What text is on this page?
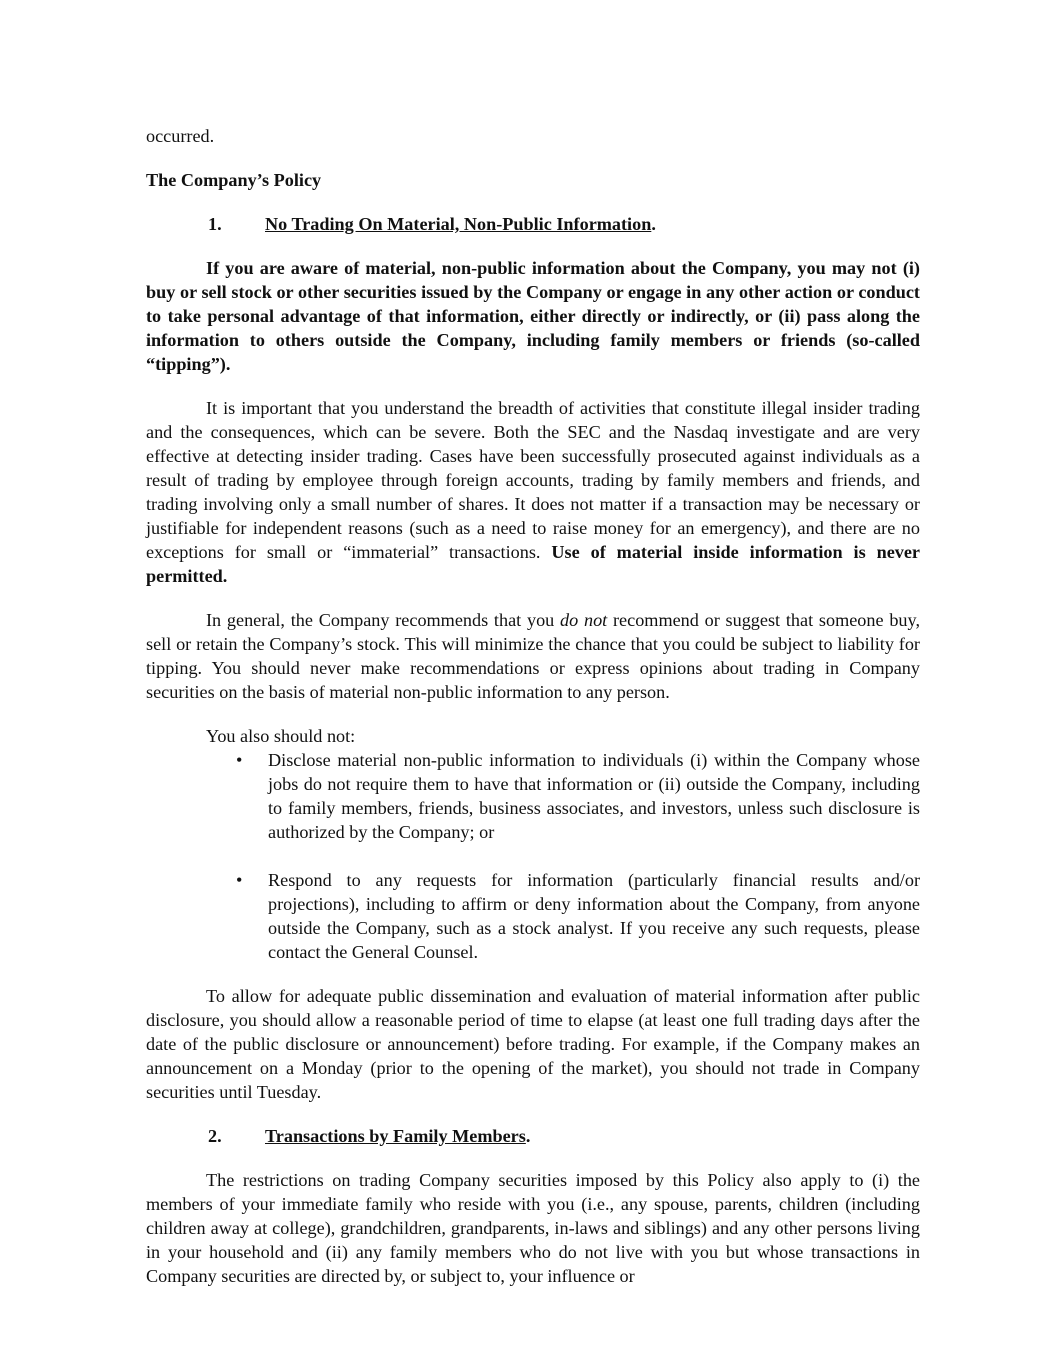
occurred.

The Company’s Policy

1.	No Trading On Material, Non-Public Information.

If you are aware of material, non-public information about the Company, you may not (i) buy or sell stock or other securities issued by the Company or engage in any other action or conduct to take personal advantage of that information, either directly or indirectly, or (ii) pass along the information to others outside the Company, including family members or friends (so-called “tipping”).

It is important that you understand the breadth of activities that constitute illegal insider trading and the consequences, which can be severe. Both the SEC and the Nasdaq investigate and are very effective at detecting insider trading. Cases have been successfully prosecuted against individuals as a result of trading by employee through foreign accounts, trading by family members and friends, and trading involving only a small number of shares. It does not matter if a transaction may be necessary or justifiable for independent reasons (such as a need to raise money for an emergency), and there are no exceptions for small or “immaterial” transactions. Use of material inside information is never permitted.

In general, the Company recommends that you do not recommend or suggest that someone buy, sell or retain the Company’s stock. This will minimize the chance that you could be subject to liability for tipping. You should never make recommendations or express opinions about trading in Company securities on the basis of material non-public information to any person.

You also should not:

• Disclose material non-public information to individuals (i) within the Company whose jobs do not require them to have that information or (ii) outside the Company, including to family members, friends, business associates, and investors, unless such disclosure is authorized by the Company; or
• Respond to any requests for information (particularly financial results and/or projections), including to affirm or deny information about the Company, from anyone outside the Company, such as a stock analyst. If you receive any such requests, please contact the General Counsel.

To allow for adequate public dissemination and evaluation of material information after public disclosure, you should allow a reasonable period of time to elapse (at least one full trading days after the date of the public disclosure or announcement) before trading. For example, if the Company makes an announcement on a Monday (prior to the opening of the market), you should not trade in Company securities until Tuesday.

2.	Transactions by Family Members.

The restrictions on trading Company securities imposed by this Policy also apply to (i) the members of your immediate family who reside with you (i.e., any spouse, parents, children (including children away at college), grandchildren, grandparents, in-laws and siblings) and any other persons living in your household and (ii) any family members who do not live with you but whose transactions in Company securities are directed by, or subject to, your influence or
